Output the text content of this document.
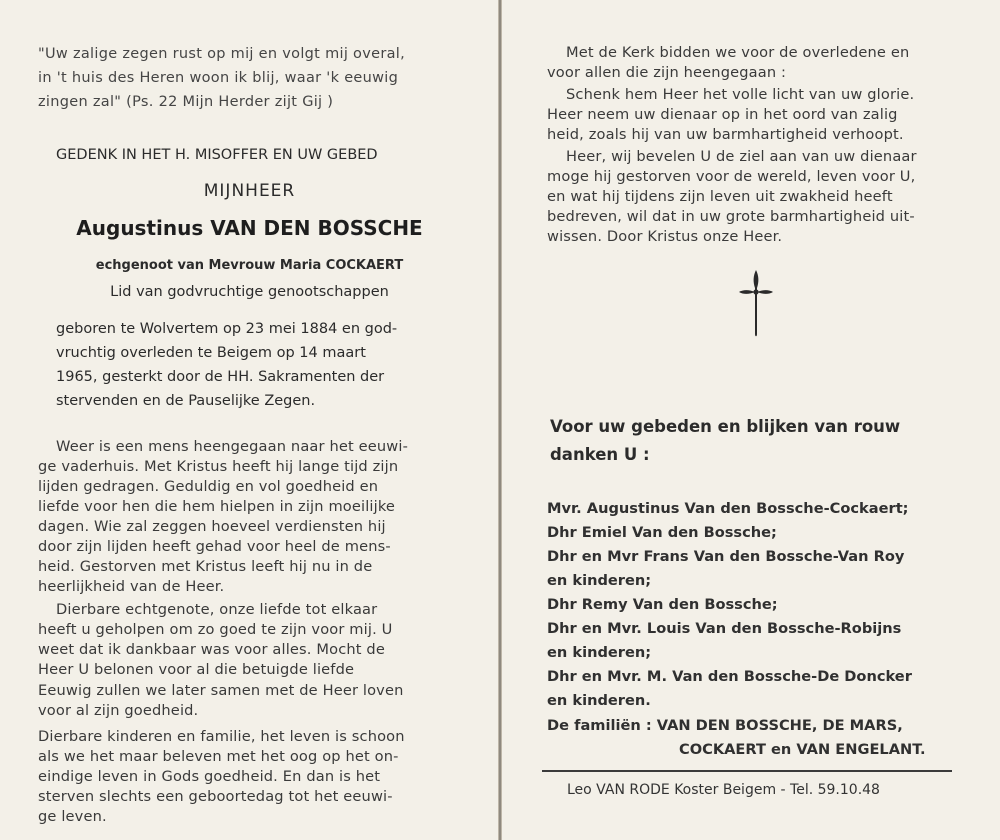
"Uw zalige zegen rust op mij en volgt mij overal,

in 't huis des Heren woon ik blij, waar 'k eeuwig

zingen zal" (Ps. 22 Mijn Herder zijt Gij )

GEDENK IN HET H. MISOFFER EN UW GEBED

MIJNHEER

Augustinus VAN DEN BOSSCHE

echgenoot van Mevrouw Maria COCKAERT

Lid van godvruchtige genootschappen

geboren te Wolvertem op 23 mei 1884 en god-

vruchtig overleden te Beigem op 14 maart

1965, gesterkt door de HH. Sakramenten der

stervenden en de Pauselijke Zegen.

Weer is een mens heengegaan naar het eeuwi-

ge vaderhuis. Met Kristus heeft hij lange tijd zijn

lijden gedragen. Geduldig en vol goedheid en

liefde voor hen die hem hielpen in zijn moeilijke

dagen. Wie zal zeggen hoeveel verdiensten hij

door zijn lijden heeft gehad voor heel de mens-

heid. Gestorven met Kristus leeft hij nu in de

heerlijkheid van de Heer.

Dierbare echtgenote, onze liefde tot elkaar

heeft u geholpen om zo goed te zijn voor mij. U

weet dat ik dankbaar was voor alles. Mocht de

Heer U belonen voor al die betuigde liefde

Eeuwig zullen we later samen met de Heer loven

voor al zijn goedheid.

Dierbare kinderen en familie, het leven is schoon

als we het maar beleven met het oog op het on-

eindige leven in Gods goedheid. En dan is het

sterven slechts een geboortedag tot het eeuwi-

ge leven.

Met de Kerk bidden we voor de overledene en

voor allen die zijn heengegaan :

Schenk hem Heer het volle licht van uw glorie.

Heer neem uw dienaar op in het oord van zalig

heid, zoals hij van uw barmhartigheid verhoopt.

Heer, wij bevelen U de ziel aan van uw dienaar

moge hij gestorven voor de wereld, leven voor U,

en wat hij tijdens zijn leven uit zwakheid heeft

bedreven, wil dat in uw grote barmhartigheid uit-

wissen. Door Kristus onze Heer.

Voor uw gebeden en blijken van rouw

danken U :

Mvr. Augustinus Van den Bossche-Cockaert;

Dhr Emiel Van den Bossche;

Dhr en Mvr Frans Van den Bossche-Van Roy

en kinderen;

Dhr Remy Van den Bossche;

Dhr en Mvr. Louis Van den Bossche-Robijns

en kinderen;

Dhr en Mvr. M. Van den Bossche-De Doncker

en kinderen.

De familiën : VAN DEN BOSSCHE, DE MARS,

COCKAERT en VAN ENGELANT.

Leo VAN RODE Koster Beigem - Tel. 59.10.48
